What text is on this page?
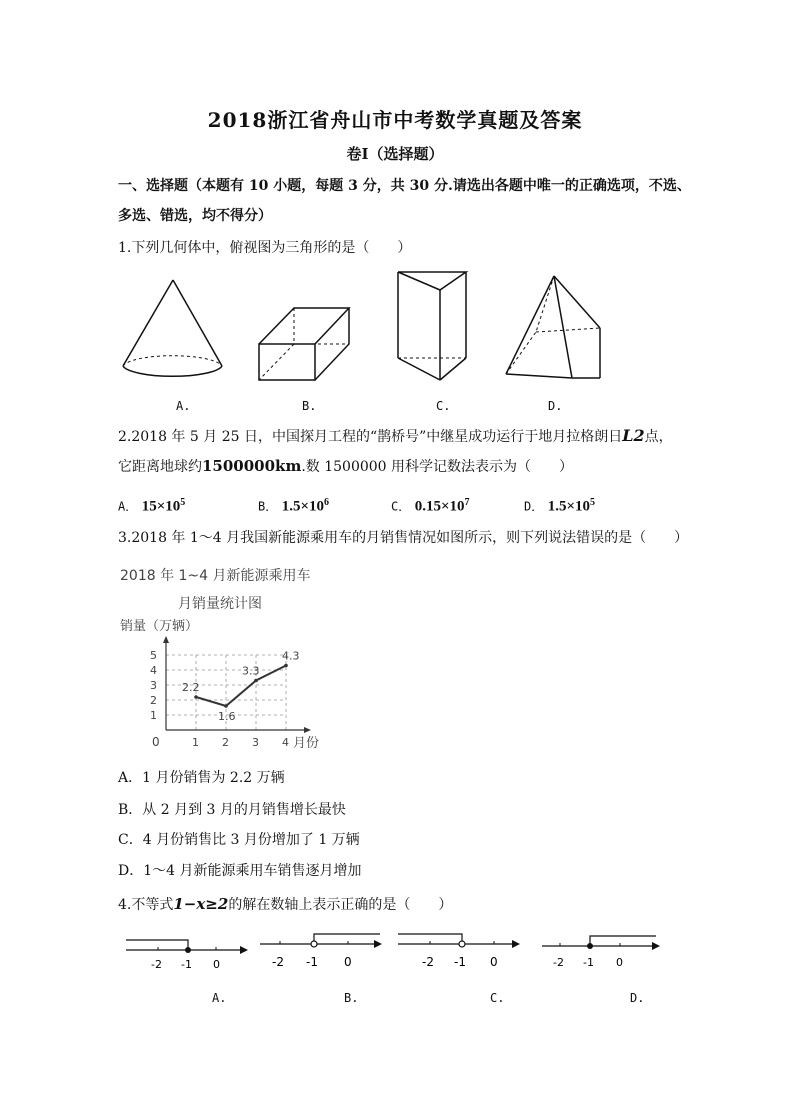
2018浙江省舟山市中考数学真题及答案
卷Ⅰ（选择题）
一、选择题（本题有 10 小题，每题 3 分，共 30 分.请选出各题中唯一的正确选项，不选、
多选、错选，均不得分）
1.下列几何体中，俯视图为三角形的是（　　）
A.	B.	C.	D.
2.2018 年 5 月 25 日，中国探月工程的“鹊桥号”中继星成功运行于地月拉格朗日L2点，
它距离地球约1500000km.数 1500000 用科学记数法表示为（　　）
A． $15\times 10^5$	B． $1.5\times 10^6$	C． $0.15\times 10^7$	D． $1.5\times 10^5$
3.2018 年 1～4 月我国新能源乘用车的月销售情况如图所示，则下列说法错误的是（　　）
2018 年 1~4 月新能源乘用车
月销量统计图
销量（万辆）
月份
0	1 2 3 4
1
2
3
4
5
2.2
1.6
3.3
4.3
A．1 月份销售为 2.2 万辆
B．从 2 月到 3 月的月销售增长最快
C．4 月份销售比 3 月份增加了 1 万辆
D．1～4 月新能源乘用车销售逐月增加
4.不等式1−x≥2的解在数轴上表示正确的是（　　）
-2 -1 0	-2 -1 0	-2 -1 0	-2 -1 0
A.	B.	C.	D.
